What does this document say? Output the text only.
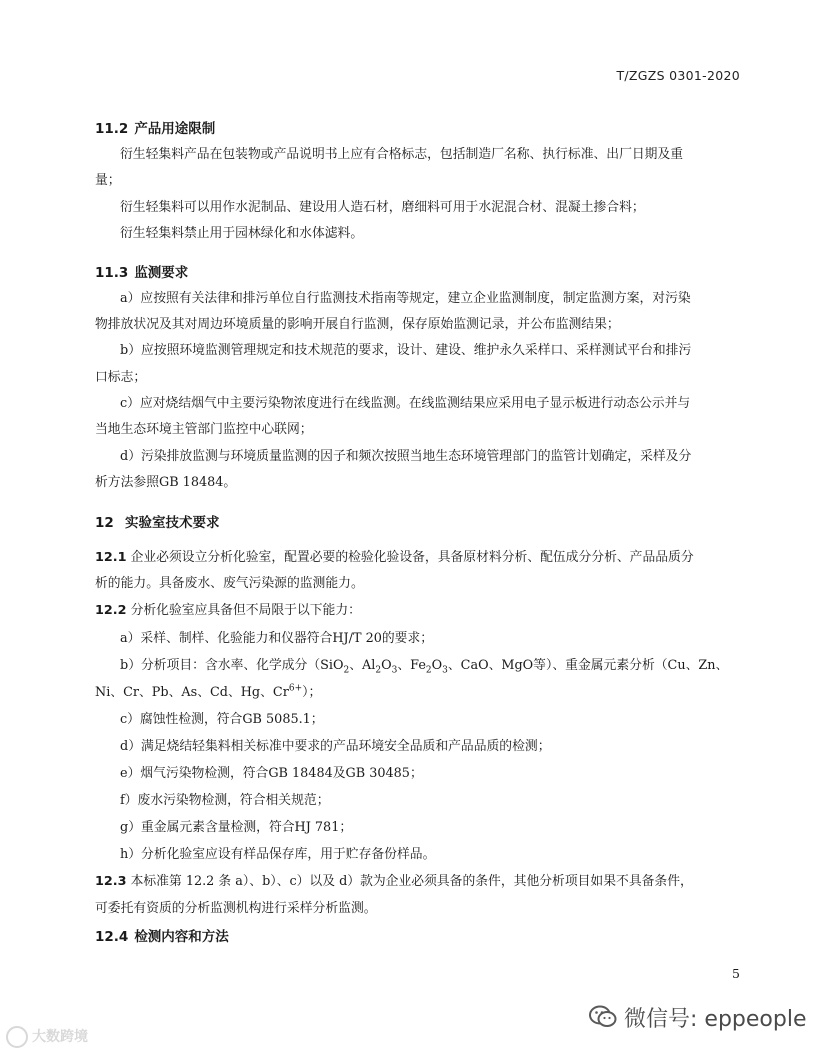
T/ZGZS 0301-2020
11.2 产品用途限制
衍生轻集料产品在包装物或产品说明书上应有合格标志，包括制造厂名称、执行标准、出厂日期及重
量；
衍生轻集料可以用作水泥制品、建设用人造石材，磨细料可用于水泥混合材、混凝土掺合料；
衍生轻集料禁止用于园林绿化和水体滤料。
11.3 监测要求
a）应按照有关法律和排污单位自行监测技术指南等规定，建立企业监测制度，制定监测方案，对污染
物排放状况及其对周边环境质量的影响开展自行监测，保存原始监测记录，并公布监测结果；
b）应按照环境监测管理规定和技术规范的要求，设计、建设、维护永久采样口、采样测试平台和排污
口标志；
c）应对烧结烟气中主要污染物浓度进行在线监测。在线监测结果应采用电子显示板进行动态公示并与
当地生态环境主管部门监控中心联网；
d）污染排放监测与环境质量监测的因子和频次按照当地生态环境管理部门的监管计划确定，采样及分
析方法参照GB 18484。
12 实验室技术要求
12.1 企业必须设立分析化验室，配置必要的检验化验设备，具备原材料分析、配伍成分分析、产品品质分
析的能力。具备废水、废气污染源的监测能力。
12.2 分析化验室应具备但不局限于以下能力：
a）采样、制样、化验能力和仪器符合HJ/T 20的要求；
b）分析项目：含水率、化学成分（SiO$_2$、$Al_2O_3$、$Fe_2O_3$、CaO、MgO等）、重金属元素分析（Cu、Zn、
Ni、Cr、Pb、As、Cd、Hg、$Cr^{6+}$）；
c）腐蚀性检测，符合GB 5085.1；
d）满足烧结轻集料相关标准中要求的产品环境安全品质和产品品质的检测；
e）烟气污染物检测，符合GB 18484及GB 30485；
f）废水污染物检测，符合相关规范；
g）重金属元素含量检测，符合HJ 781；
h）分析化验室应设有样品保存库，用于贮存备份样品。
12.3 本标准第 12.2 条 a）、b）、c）以及 d）款为企业必须具备的条件，其他分析项目如果不具备条件，
可委托有资质的分析监测机构进行采样分析监测。
12.4 检测内容和方法
5
大数跨境
微信号: eppeople
